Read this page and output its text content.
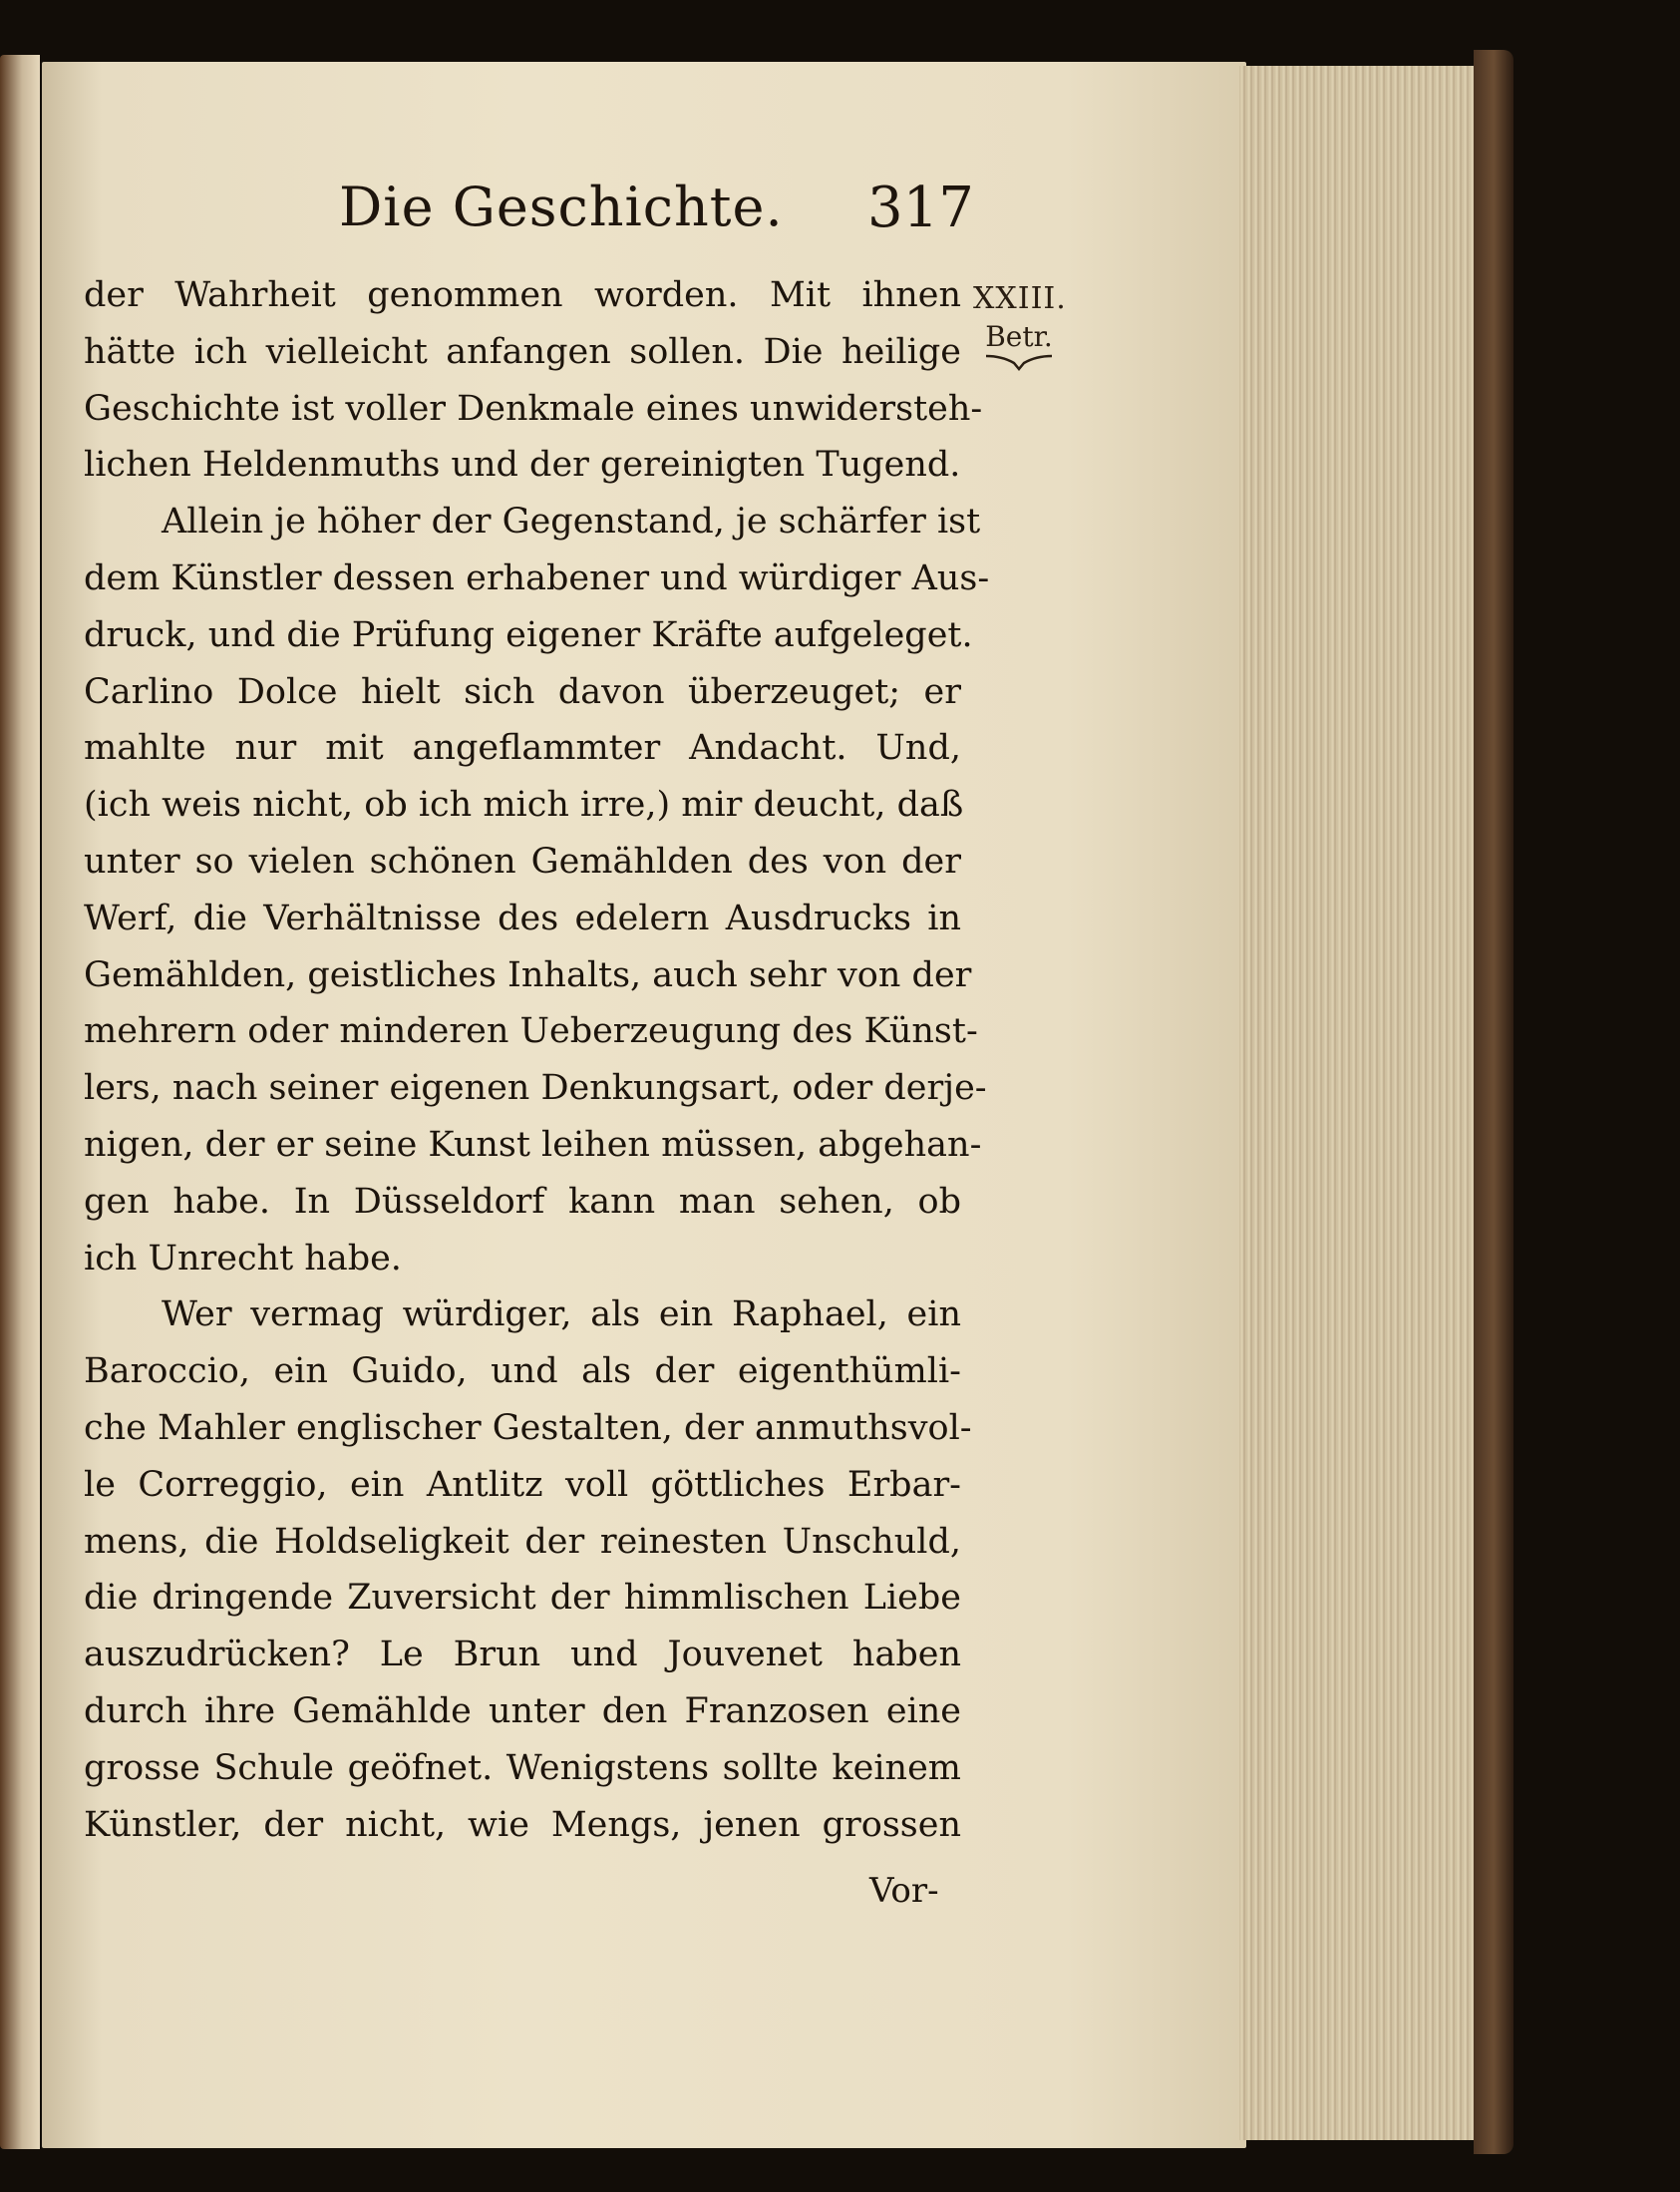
Die Geschichte. 317
XXIII.
Betr.
der Wahrheit genommen worden. Mit ihnen
hätte ich vielleicht anfangen sollen. Die heilige
Geschichte ist voller Denkmale eines unwidersteh-
lichen Heldenmuths und der gereinigten Tugend.
Allein je höher der Gegenstand, je schärfer ist
dem Künstler dessen erhabener und würdiger Aus-
druck, und die Prüfung eigener Kräfte aufgeleget.
Carlino Dolce hielt sich davon überzeuget; er
mahlte nur mit angeflammter Andacht. Und,
(ich weis nicht, ob ich mich irre,) mir deucht, daß
unter so vielen schönen Gemählden des von der
Werf, die Verhältnisse des edelern Ausdrucks in
Gemählden, geistliches Inhalts, auch sehr von der
mehrern oder minderen Ueberzeugung des Künst-
lers, nach seiner eigenen Denkungsart, oder derje-
nigen, der er seine Kunst leihen müssen, abgehan-
gen habe. In Düsseldorf kann man sehen, ob
ich Unrecht habe.
Wer vermag würdiger, als ein Raphael, ein
Baroccio, ein Guido, und als der eigenthümli-
che Mahler englischer Gestalten, der anmuthsvol-
le Correggio, ein Antlitz voll göttliches Erbar-
mens, die Holdseligkeit der reinesten Unschuld,
die dringende Zuversicht der himmlischen Liebe
auszudrücken? Le Brun und Jouvenet haben
durch ihre Gemählde unter den Franzosen eine
grosse Schule geöfnet. Wenigstens sollte keinem
Künstler, der nicht, wie Mengs, jenen grossen
Vor-
